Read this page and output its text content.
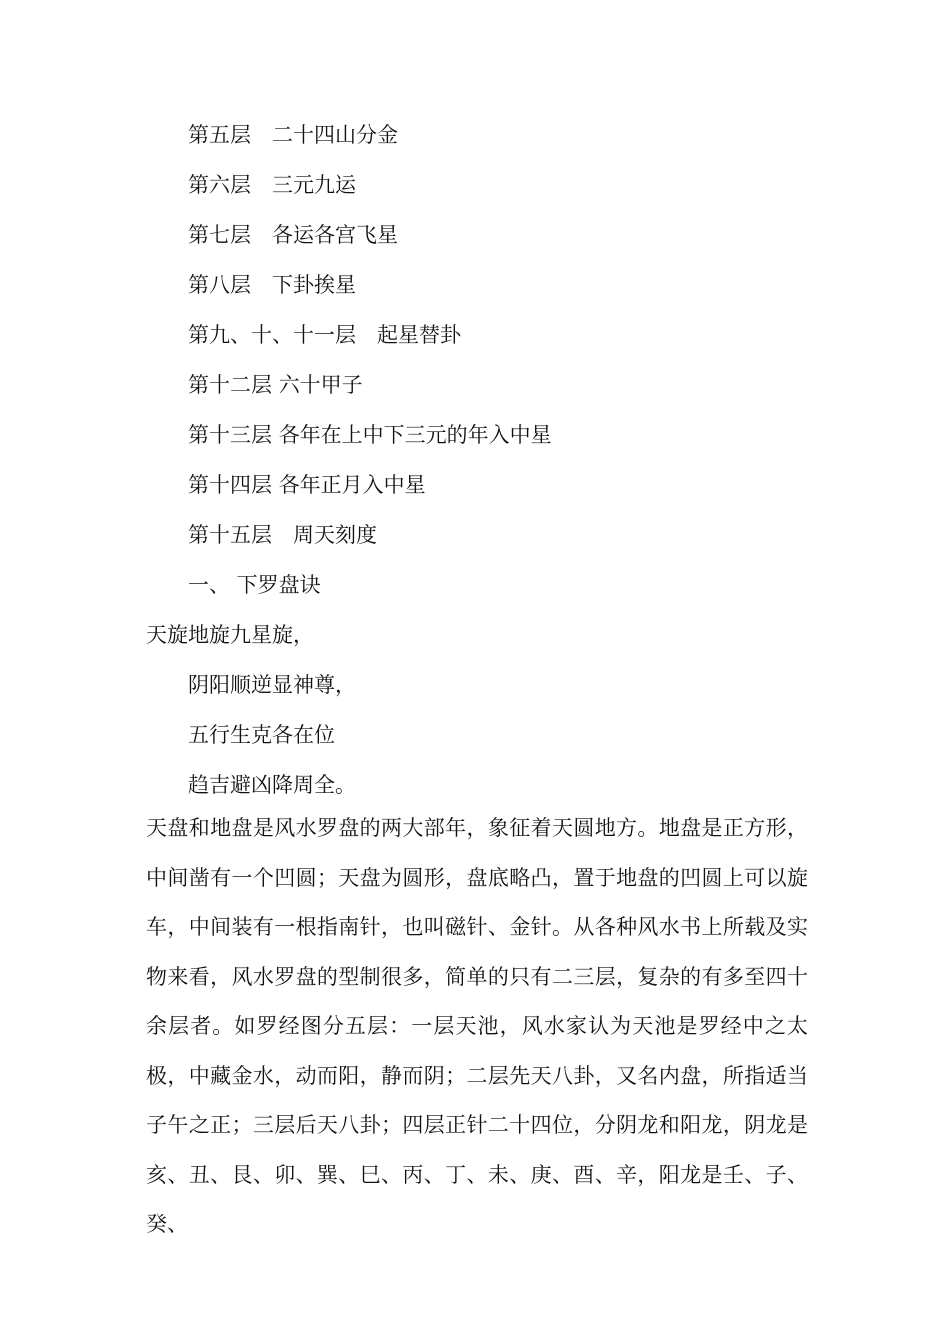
第五层　 二十四山分金
第六层　 三元九运
第七层　 各运各宫飞星
第八层　 下卦挨星
第九、十、十一层　 起星替卦
第十二层 六十甲子
第十三层 各年在上中下三元的年入中星
第十四层 各年正月入中星
第十五层　 周天刻度
一、 下罗盘诀
天旋地旋九星旋，
阴阳顺逆显神尊，
五行生克各在位
趋吉避凶降周全。
天盘和地盘是风水罗盘的两大部年，象征着天圆地方。地盘是正方形，中间凿有一个凹圆；天盘为圆形，盘底略凸，置于地盘的凹圆上可以旋车，中间装有一根指南针，也叫磁针、金针。从各种风水书上所载及实物来看，风水罗盘的型制很多，简单的只有二三层，复杂的有多至四十余层者。如罗经图分五层：一层天池，风水家认为天池是罗经中之太极，中藏金水，动而阳，静而阴；二层先天八卦，又名内盘，所指适当子午之正；三层后天八卦；四层正针二十四位，分阴龙和阳龙，阴龙是亥、丑、艮、卯、巽、巳、丙、丁、未、庚、酉、辛，阳龙是壬、子、癸、
